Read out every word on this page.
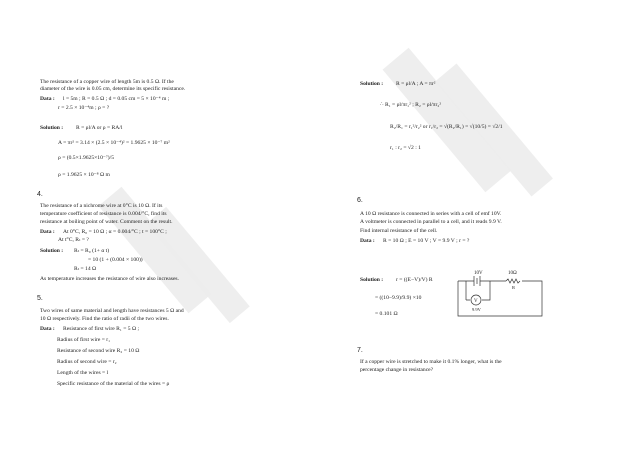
The resistance of a copper wire of length 5m is 0.5 Ω. If the
diameter of the wire is 0.05 cm, determine its specific resistance.
Data : l = 5m ; R = 0.5 Ω ; d = 0.05 cm = 5 × 10⁻⁴ m ;
r = 2.5 × 10⁻⁴m ; ρ = ?
Solution : R = ρl/A or ρ = RA/l
A = πr² = 3.14 × (2.5 × 10⁻⁴)² = 1.9625 × 10⁻⁷ m²
ρ = (0.5×1.9625×10⁻⁷)/5
ρ = 1.9625 × 10⁻⁸ Ω m
4.
The resistance of a nichrome wire at 0°C is 10 Ω. If its
temperature coefficient of resistance is 0.004/°C, find its
resistance at boiling point of water. Comment on the result.
Data : At 0°C, R₀ = 10 Ω ; α = 0.004/°C ; t = 100°C ;
At t°C, Rₜ = ?
Solution : Rₜ = R₀ (1+ α t)
= 10 (1 + (0.004 × 100))
Rₜ = 14 Ω
As temperature increases the resistance of wire also increases.
5.
Two wires of same material and length have resistances 5 Ω and
10 Ω respectively. Find the ratio of radii of the two wires.
Data : Resistance of first wire R₁ = 5 Ω ;
Radius of first wire = r₁
Resistance of second wire R₂ = 10 Ω
Radius of second wire = r₂
Length of the wires = l
Specific resistance of the material of the wires = ρ
Solution : R = ρl/A ; A = πr²
∴ R₁ = ρl/πr₁² ; R₂ = ρl/πr₂²
R₂/R₁ = r₁²/r₂² or r₁/r₂ = √(R₂/R₁) = √(10/5) = √2/1
r₁ : r₂ = √2 : 1
6.
A 10 Ω resistance is connected in series with a cell of emf 10V.
A voltmeter is connected in parallel to a cell, and it reads 9.9 V.
Find internal resistance of the cell.
Data : R = 10 Ω ; E = 10 V ; V = 9.9 V ; r = ?
Solution : r = ((E−V)/V) R
= ((10−9.9)/9.9) ×10
= 0.101 Ω
10V	10Ω
R
V
9.9V
7.
If a copper wire is stretched to make it 0.1% longer, what is the
percentage change in resistance?
